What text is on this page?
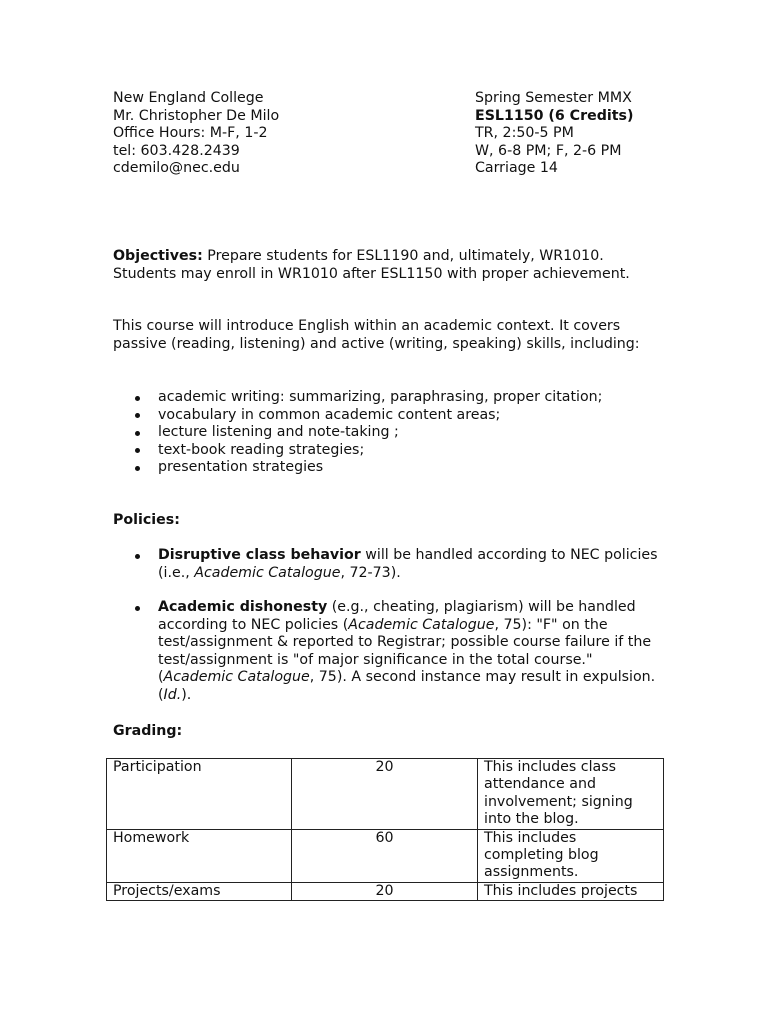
New England College
Mr. Christopher De Milo
Office Hours: M-F, 1-2
tel: 603.428.2439
cdemilo@nec.edu
Spring Semester MMX
ESL1150 (6 Credits)
TR, 2:50-5 PM
W, 6-8 PM; F, 2-6 PM
Carriage 14
Objectives: Prepare students for ESL1190 and, ultimately, WR1010. Students may enroll in WR1010 after ESL1150 with proper achievement.
This course will introduce English within an academic context. It covers passive (reading, listening) and active (writing, speaking) skills, including:
academic writing: summarizing, paraphrasing, proper citation;
vocabulary in common academic content areas;
lecture listening and note-taking ;
text-book reading strategies;
presentation strategies
Policies:
Disruptive class behavior will be handled according to NEC policies (i.e., Academic Catalogue, 72-73).
Academic dishonesty (e.g., cheating, plagiarism) will be handled according to NEC policies (Academic Catalogue, 75): "F" on the test/assignment & reported to Registrar; possible course failure if the test/assignment is "of major significance in the total course." (Academic Catalogue, 75). A second instance may result in expulsion. (Id.).
Grading:
Participation	20	This includes class attendance and involvement; signing into the blog.
Homework	60	This includes completing blog assignments.
Projects/exams	20	This includes projects
